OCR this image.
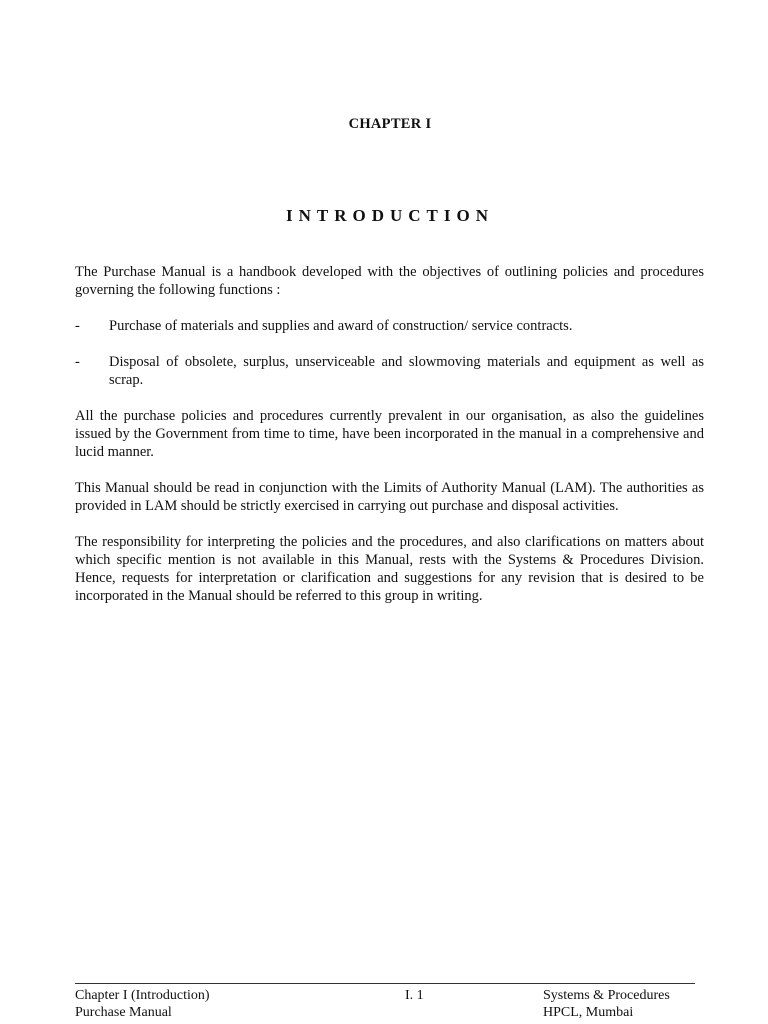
CHAPTER I
INTRODUCTION

The Purchase Manual is a handbook developed with the objectives of outlining policies and procedures governing the following functions :

-	Purchase of materials and supplies and award of construction/ service contracts.
-	Disposal of obsolete, surplus, unserviceable and slowmoving materials and equipment as well as scrap.

All the purchase policies and procedures currently prevalent in our organisation, as also the guidelines issued by the Government from time to time, have been incorporated in the manual in a comprehensive and lucid manner.

This Manual should be read in conjunction with the Limits of Authority Manual (LAM). The authorities as provided in LAM should be strictly exercised in carrying out purchase and disposal activities.

The responsibility for interpreting the policies and the procedures, and also clarifications on matters about which specific mention is not available in this Manual, rests with the Systems & Procedures Division. Hence, requests for interpretation or clarification and suggestions for any revision that is desired to be incorporated in the Manual should be referred to this group in writing.

Chapter I (Introduction)
Purchase Manual
I. 1	Systems & Procedures
HPCL, Mumbai
